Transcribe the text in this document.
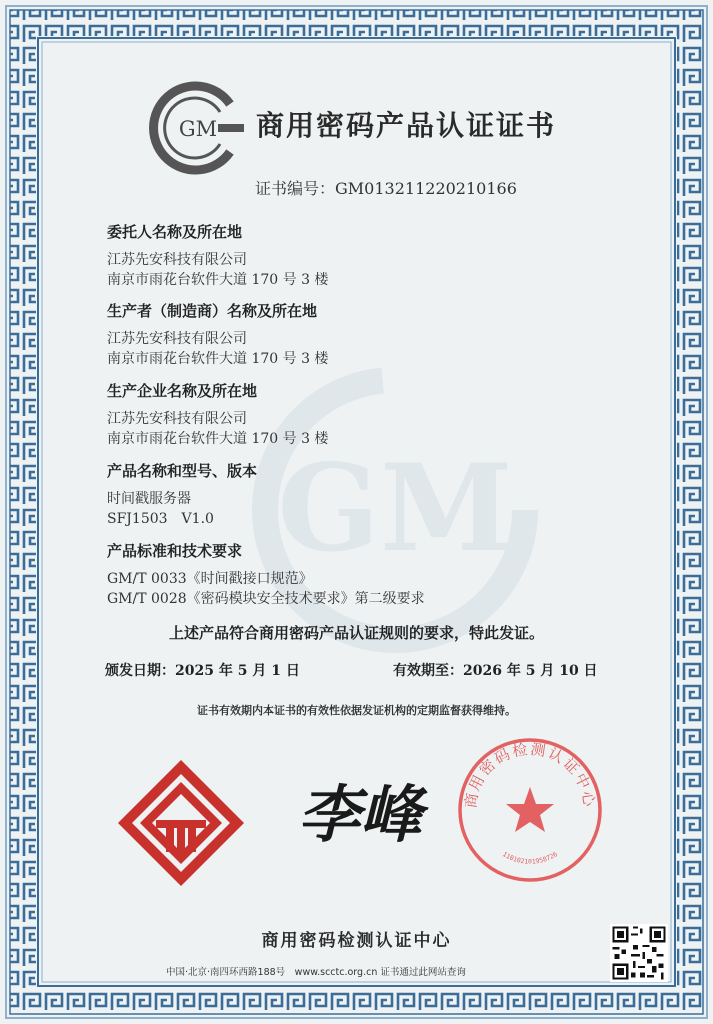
GM
GM 商用密码产品认证证书
证书编号：GM013211220210166
委托人名称及所在地
江苏先安科技有限公司
南京市雨花台软件大道 170 号 3 楼
生产者（制造商）名称及所在地
江苏先安科技有限公司
南京市雨花台软件大道 170 号 3 楼
生产企业名称及所在地
江苏先安科技有限公司
南京市雨花台软件大道 170 号 3 楼
产品名称和型号、版本
时间戳服务器
SFJ1503　V1.0
产品标准和技术要求
GM/T 0033《时间戳接口规范》
GM/T 0028《密码模块安全技术要求》第二级要求
上述产品符合商用密码产品认证规则的要求，特此发证。
颁发日期：2025 年 5 月 1 日	有效期至：2026 年 5 月 10 日
证书有效期内本证书的有效性依据发证机构的定期监督获得维持。
李峰	商用密码检测认证中心
110102101958726
商用密码检测认证中心
中国·北京·南四环西路188号　www.scctc.org.cn 证书通过此网站查询
